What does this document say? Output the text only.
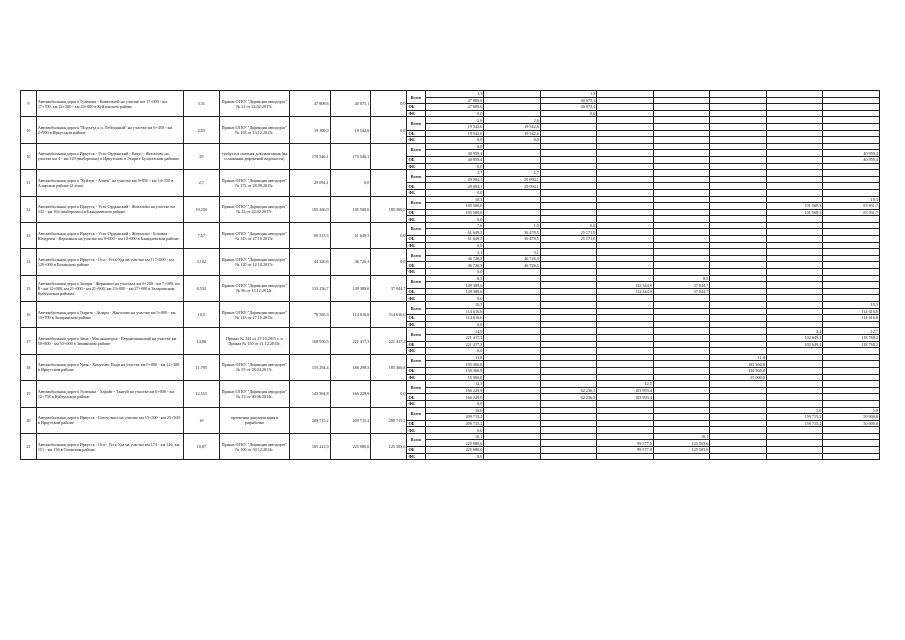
9	Автомобильная дорога Тулюшка - Кимильтей на участке км 17+000 - км 17+700, км 22+300 - км 24+000 в Куйтунском районе	3,31	Приказ ОГКУ "Дирекция автодорог" № 21 от 24.02.2017г.	47 809,6	40 075,1	0,0	Всего	1,3		1,3					
								47 809,6		40 075,1					
							ОБ	47 809,6		40 075,1					
							ФБ	0,0		0,0					
10	Автомобильная дорога "Подъезд к п. Лебединый" на участке км 0+450 - км 2+990 в Иркутском районе	2,55	Приказ ОГКУ "Дирекция автодорог" № 163 от 13.12.2013г.	19 309,0	19 542,6	0,0	Всего	2,6	2,6						
								19 542,6	19 542,6						
							ОБ	19 542,6	19 542,6						
							ФБ	0,0	0,0						
10	Автомобильная дорога Иркутск - Усть-Ордынский - Качуг - Жигалово на участке км 4 - км 129 (выборочно) в Иркутском и Эхирит-Булагатском районах	29	требуется сметная документация (на основании дефектной ведомости)	170 546,1	170 546,1		Всего	0,0							
								40 959,4							40 959,4
							ОБ	40 959,4							40 959,4
							ФБ	0,0							
11	Автомобильная дорога "Куйтун - Алаты" на участке км 9+850 - км 14+550 в Аларском районе (2 этап)	2,7	Приказ ОГКУ "Дирекция автодорог" № 172 от 28.09.2015г.	29 094,1	0,0		Всего	2,7	2,7						
								29 094,1	29 094,1						
							ОБ	29 094,1	29 094,1						
							ФБ	0,0							
12	Автомобильная дорога Иркутск - Усть-Ордынский - Жигалово на участке км 132 - км 163 (выборочно) в Баяндаевском районе	10,256	Приказ ОГКУ "Дирекция автодорог" № 23 от 24.02.2017г.	185 266,9	185 500,0	185 500,0	Всего	10,3							10,3
								185 500,0						101 568,3	83 931,7
							ОБ	185 500,0						101 568,3	83 931,7
							ФБ	0,0							
13	Автомобильная дорога Иркутск - Усть-Ордынский - Жигалово - Ботовка - Юмурчен - Верхоянск на участке км 9+000 - км 10+000 в Баяндаевском районе	7,57	Приказ ОГКУ "Дирекция автодорог" № 143 от 27.10.2015г.	60 513,3	61 649,5	0,0	Всего	7,6	1,0	6,6					
								61 649,5	36 478,5	25 171,0					
							ОБ	61 649,5	36 478,5	25 171,0					
							ФБ	0,0							
14	Автомобильная дорога Иркутск - Оса - Усть-Уда на участке км 117+000 - км 120+000 в Боханском районе	3,102	Приказ ОГКУ "Дирекция автодорог" № 120 от 12.10.2017г.	44 320,6	46 726,3	0,0	Всего	3,1	3,1						
								46 726,3	46 726,3						
							ОБ	46 726,3	46 726,3						
							ФБ	0,0							
15	Автомобильная дорога Залари - Жерновки на участках км 6+200 - км 7+000, км 8 - км 12+000, км 21+000 - км 21+900, км 23+000 - км 27+000 в Заларинском, Куйтунском районах	8,534	Приказ ОГКУ "Дирекция автодорог" № 96 от 15.12.2014г.	133 256,7	149 389,6	37 044,7	Всего	8,5				8,5			
								149 389,6			112 344,9	37 044,7			
							ОБ	149 389,6			112 344,9	37 044,7			
							ФБ	0,0							
16	Автомобильная дорога Тырить - Залари - Жигалово на участке км 5+000 - км 15+700 в Заларинском районе	10,5	Приказ ОГКУ "Дирекция автодорог" № 143 от 27.10.2015г.	78 565,3	114 616,6	114 616,6	Всего	10,5							10,5
								114 616,6							114 616,6
							ОБ	114 616,6							114 616,6
							ФБ	0,0							
17	Автомобильная дорога Зима - Масляногорск - Верхнеокинский на участке км 50+800 - км 55+000 в Зиминском районе	14,86	Приказ № 144 от 27.10.2015 г. и Приказ № 150 от 11.12.2015г.	168 950,5	221 417,3	221 417,3	Всего	14,9						2,2	12,7
								221 417,3						102 649,1	118 768,2
							ОБ	221 417,3						102 649,1	118 768,2
							ФБ	0,0							
18	Автомобильная дорога Урик - Хомутово Пади на участке км 0+000 - км 12+300 в Иркутском районе	11,795	Приказ ОГКУ "Дирекция автодорог" № 55 от 28.04.2017г.	155 294,4	186 298,3	185 366,8	Всего	11,8					11,8		
								185 366,8					185 366,8		
							ОБ	130 366,8					130 366,8		
							ФБ	55 000,0					55 000,0		
19	Автомобильная дорога Тулюшка - Харайт - Тангуй на участке км 0+000 - км 12+758 в Куйтунском районе	12,515	Приказ ОГКУ "Дирекция автодорог" № 53 от 30.06.2014г.	143 394,8	166 229,9	0,0	Всего	12,5			12,5				
								166 229,9		62 236,5	103 993,4				
							ОБ	166 229,9		62 236,5	103 993,4				
							ФБ	0,0							
20	Автомобильная дорога Иркутск - Голоустное на участке км 15+500 - км 25+500 в Иркутском районе	10	проектная документация в разработке	209 715,2	209 715,2	209 715,2	Всего	10,0						5,0	5,0
								209 715,2						159 715,2	50 000,0
							ОБ	209 715,2						159 715,2	50 000,0
							ФБ	0,0							
21	Автомобильная дорога Иркутск - Оса - Усть-Уда на участке км 173 - км 146, км 151 - км 156 в Осинском районе	10,07	Приказ ОГКУ "Дирекция автодорог" № 106 от 30.12.2014г.	165 221,9	225 080,6	125 503,6	Всего	10,1				10,1			
								225 080,6			99 577,0	125 503,6			
							ОБ	225 080,6			99 577,0	125 503,6			
							ФБ	0,0							
